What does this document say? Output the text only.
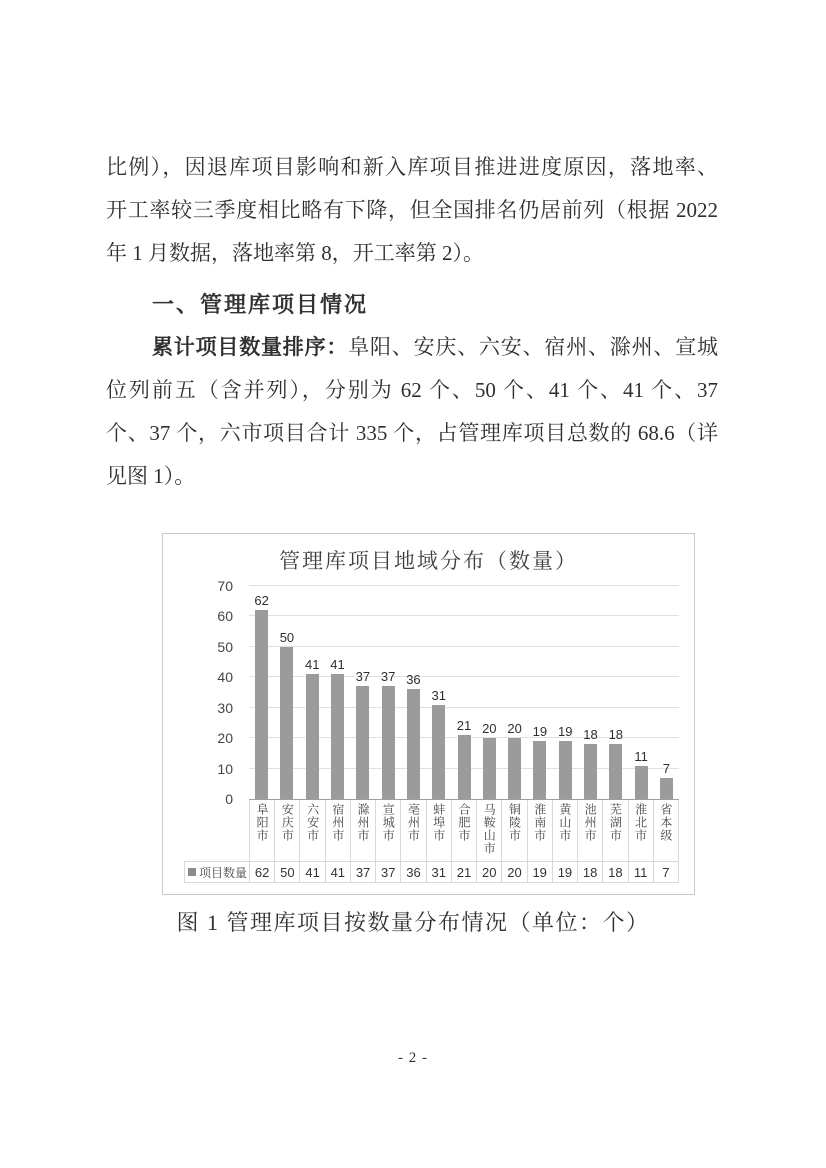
比例），因退库项目影响和新入库项目推进进度原因，落地率、
开工率较三季度相比略有下降，但全国排名仍居前列（根据 2022
年 1 月数据，落地率第 8，开工率第 2）。
一、管理库项目情况
累计项目数量排序：阜阳、安庆、六安、宿州、滁州、宣城
位列前五（含并列），分别为 62 个、50 个、41 个、41 个、37
个、37 个，六市项目合计 335 个，占管理库项目总数的 68.6（详
见图 1）。
管理库项目地域分布（数量）
0
10
20
30
40
50
60
70
62
50
41 41
37 37 36
31
21 20 20 19 19 18 18
11
7
阜阳市 安庆市 六安市 宿州市 滁州市 宣城市 亳州市 蚌埠市 合肥市 马鞍山市 铜陵市 淮南市 黄山市 池州市 芜湖市 淮北市 省本级
项目数量 62 50 41 41 37 37 36 31 21 20 20 19 19 18 18 11	7
图 1 管理库项目按数量分布情况（单位：个）
- 2 -
